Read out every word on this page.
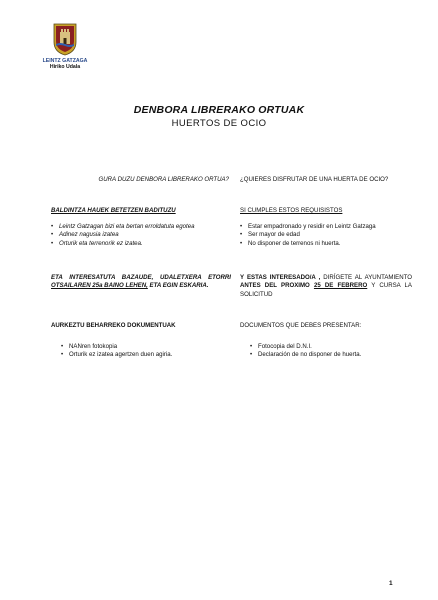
LEINTZ GATZAGA
Hiriko Udala
DENBORA LIBRERAKO ORTUAK
HUERTOS DE OCIO
GURA DUZU DENBORA LIBRERAKO ORTUA?
BALDINTZA HAUEK BETETZEN BADITUZU
• Leintz Gatzagan bizi eta bertan erroldatuta egotea
• Adinez nagusia izatea
• Orturik eta terrenorik ez izatea.
ETA INTERESATUTA BAZAUDE, UDALETXERA ETORRI OTSAILAREN 25a BAINO LEHEN, ETA EGIN ESKARIA.
AURKEZTU BEHARREKO DOKUMENTUAK
• NANren fotokopia
• Orturik ez izatea agertzen duen agiria.
¿QUIERES DISFRUTAR DE UNA HUERTA DE OCIO?
SI CUMPLES ESTOS REQUISISTOS
• Estar empadronado y residir en Leintz Gatzaga
• Ser mayor de edad
• No disponer de terrenos ni huerta.
Y ESTAS INTERESADO/A , DIRÍGETE AL AYUNTAMIENTO ANTES DEL PROXIMO 25 DE FEBRERO Y CURSA LA SOLICITUD
DOCUMENTOS QUE DEBES PRESENTAR:
• Fotocopia del D.N.I.
• Declaración de no disponer de huerta.
1
